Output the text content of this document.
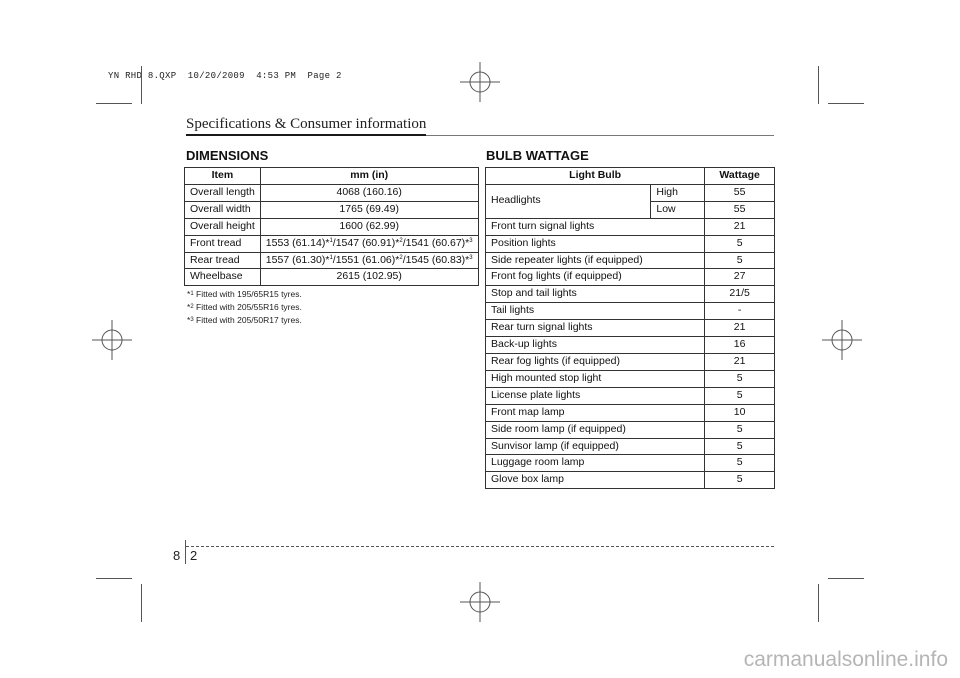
YN RHD 8.QXP  10/20/2009  4:53 PM  Page 2
Specifications & Consumer information
DIMENSIONS
Item	mm (in)
Overall length	4068 (160.16)
Overall width	1765 (69.49)
Overall height	1600 (62.99)
Front tread	1553 (61.14)*$^1$/1547 (60.91)*$^2$/1541 (60.67)*$^3$
Rear tread	1557 (61.30)*$^1$/1551 (61.06)*$^2$/1545 (60.83)*$^3$
Wheelbase	2615 (102.95)
*$^1$ Fitted with 195/65R15 tyres.
*$^2$ Fitted with 205/55R16 tyres.
*$^3$ Fitted with 205/50R17 tyres.
BULB WATTAGE
Light Bulb		Wattage
Headlights	High	55
	Low	55
Front turn signal lights		21
Position lights		5
Side repeater lights (if equipped)		5
Front fog lights (if equipped)		27
Stop and tail lights		21/5
Tail lights		-
Rear turn signal lights		21
Back-up lights		16
Rear fog lights (if equipped)		21
High mounted stop light		5
License plate lights		5
Front map lamp		10
Side room lamp (if equipped)		5
Sunvisor lamp (if equipped)		5
Luggage room lamp		5
Glove box lamp		5
8 2
carmanualsonline.info
